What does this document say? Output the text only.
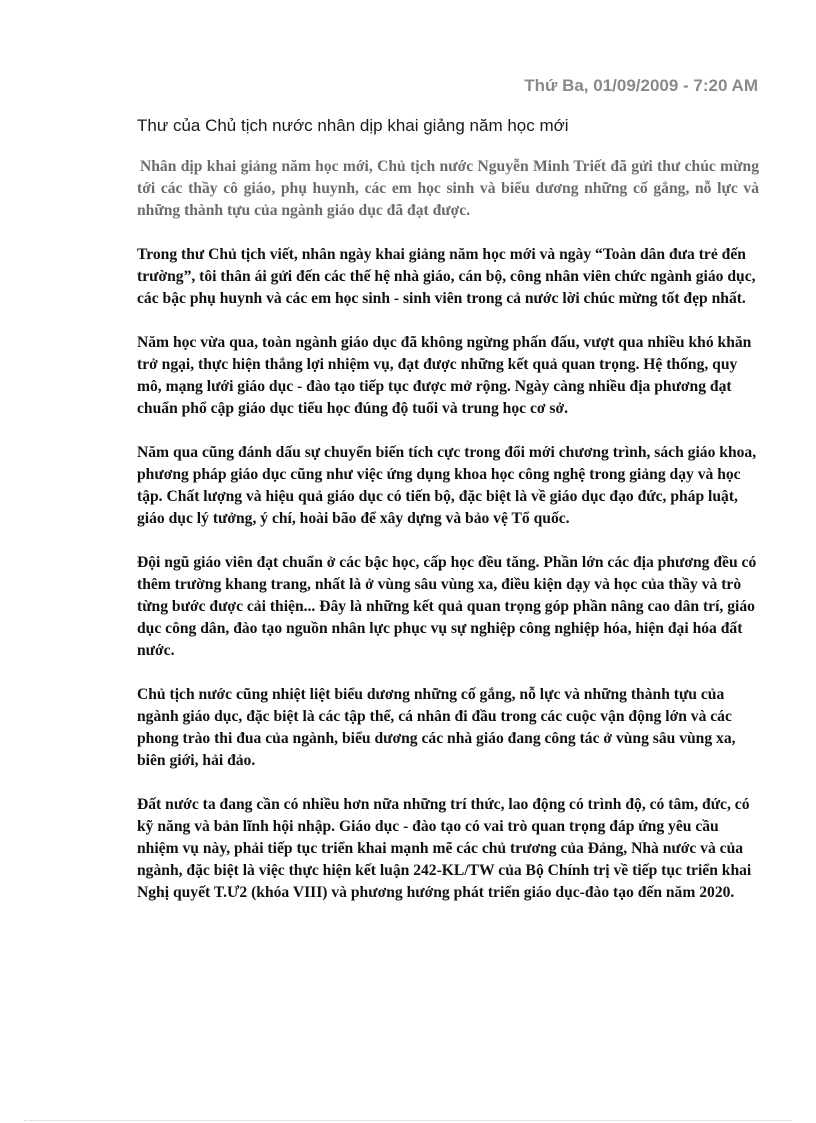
Thứ Ba, 01/09/2009 - 7:20 AM
Thư của Chủ tịch nước nhân dịp khai giảng năm học mới

Nhân dịp khai giảng năm học mới, Chủ tịch nước Nguyễn Minh Triết đã gửi thư chúc mừng tới các thầy cô giáo, phụ huynh, các em học sinh và biểu dương những cố gắng, nỗ lực và những thành tựu của ngành giáo dục đã đạt được.

Trong thư Chủ tịch viết, nhân ngày khai giảng năm học mới và ngày “Toàn dân đưa trẻ đến trường”, tôi thân ái gửi đến các thế hệ nhà giáo, cán bộ, công nhân viên chức ngành giáo dục, các bậc phụ huynh và các em học sinh - sinh viên trong cả nước lời chúc mừng tốt đẹp nhất.

Năm học vừa qua, toàn ngành giáo dục đã không ngừng phấn đấu, vượt qua nhiều khó khăn trở ngại, thực hiện thắng lợi nhiệm vụ, đạt được những kết quả quan trọng. Hệ thống, quy mô, mạng lưới giáo dục - đào tạo tiếp tục được mở rộng. Ngày càng nhiều địa phương đạt chuẩn phổ cập giáo dục tiểu học đúng độ tuổi và trung học cơ sở.

Năm qua cũng đánh dấu sự chuyển biến tích cực trong đổi mới chương trình, sách giáo khoa, phương pháp giáo dục cũng như việc ứng dụng khoa học công nghệ trong giảng dạy và học tập. Chất lượng và hiệu quả giáo dục có tiến bộ, đặc biệt là về giáo dục đạo đức, pháp luật, giáo dục lý tưởng, ý chí, hoài bão để xây dựng và bảo vệ Tổ quốc.

Đội ngũ giáo viên đạt chuẩn ở các bậc học, cấp học đều tăng. Phần lớn các địa phương đều có thêm trường khang trang, nhất là ở vùng sâu vùng xa, điều kiện dạy và học của thầy và trò từng bước được cải thiện... Đây là những kết quả quan trọng góp phần nâng cao dân trí, giáo dục công dân, đào tạo nguồn nhân lực phục vụ sự nghiệp công nghiệp hóa, hiện đại hóa đất nước.

Chủ tịch nước cũng nhiệt liệt biểu dương những cố gắng, nỗ lực và những thành tựu của ngành giáo dục, đặc biệt là các tập thể, cá nhân đi đầu trong các cuộc vận động lớn và các phong trào thi đua của ngành, biểu dương các nhà giáo đang công tác ở vùng sâu vùng xa, biên giới, hải đảo.

Đất nước ta đang cần có nhiều hơn nữa những trí thức, lao động có trình độ, có tâm, đức, có kỹ năng và bản lĩnh hội nhập. Giáo dục - đào tạo có vai trò quan trọng đáp ứng yêu cầu nhiệm vụ này, phải tiếp tục triển khai mạnh mẽ các chủ trương của Đảng, Nhà nước và của ngành, đặc biệt là việc thực hiện kết luận 242-KL/TW của Bộ Chính trị về tiếp tục triển khai Nghị quyết T.Ư2 (khóa VIII) và phương hướng phát triển giáo dục-đào tạo đến năm 2020.
